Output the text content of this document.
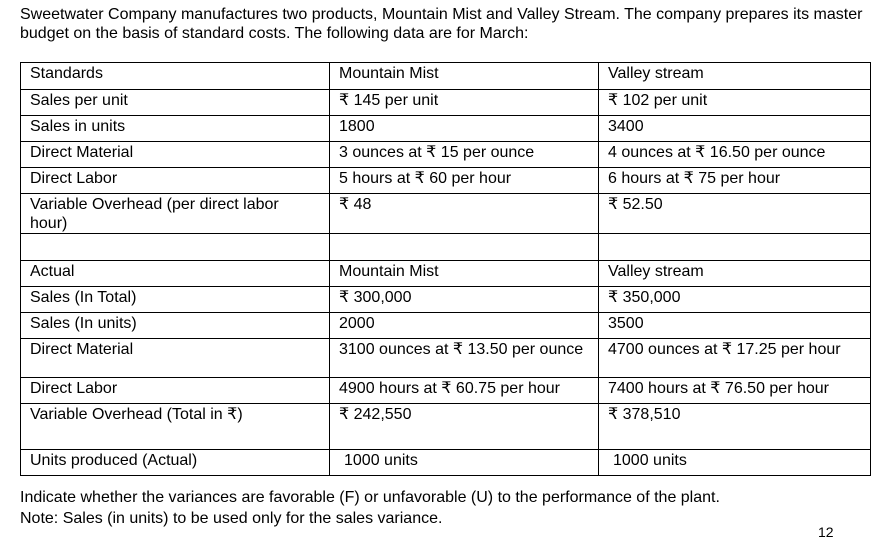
Sweetwater Company manufactures two products, Mountain Mist and Valley Stream. The company prepares its master budget on the basis of standard costs. The following data are for March:

Standards	Mountain Mist	Valley stream
Sales per unit	₹ 145 per unit	₹ 102 per unit
Sales in units	1800	3400
Direct Material	3 ounces at ₹ 15 per ounce	4 ounces at ₹ 16.50 per ounce
Direct Labor	5 hours at ₹ 60 per hour	6 hours at ₹ 75 per hour
Variable Overhead (per direct labor hour)	₹ 48	₹ 52.50

Actual	Mountain Mist	Valley stream
Sales (In Total)	₹ 300,000	₹ 350,000
Sales (In units)	2000	3500
Direct Material	3100 ounces at ₹ 13.50 per ounce	4700 ounces at ₹ 17.25 per hour
Direct Labor	4900 hours at ₹ 60.75 per hour	7400 hours at ₹ 76.50 per hour
Variable Overhead (Total in ₹)	₹ 242,550	₹ 378,510
Units produced (Actual)	1000 units	1000 units
Indicate whether the variances are favorable (F) or unfavorable (U) to the performance of the plant.
Note: Sales (in units) to be used only for the sales variance.
12
